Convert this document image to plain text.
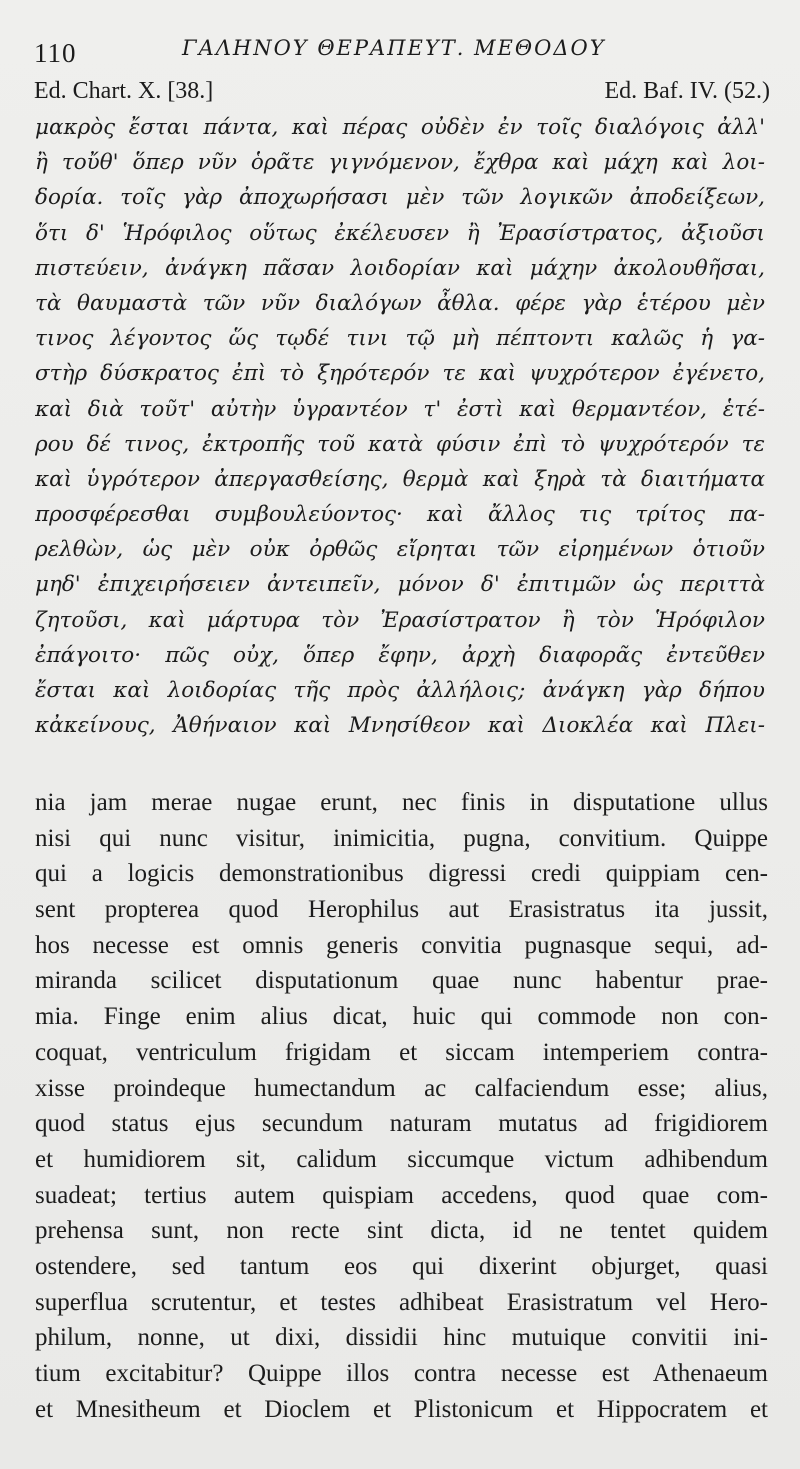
110	ΓΑΛΗΝΟΥ ΘΕΡΑΠΕΥΤ. ΜΕΘΟΔΟΥ
Ed. Chart. X. [38.]	Ed. Baf. IV. (52.)
μακρὸς ἔσται πάντα, καὶ πέρας οὐδὲν ἐν τοῖς διαλόγοις ἀλλ'
ἢ τοὔθ' ὅπερ νῦν ὁρᾶτε γιγνόμενον, ἔχθρα καὶ μάχη καὶ λοι-
δορία. τοῖς γὰρ ἀποχωρήσασι μὲν τῶν λογικῶν ἀποδείξεων,
ὅτι δ' Ἡρόφιλος οὕτως ἐκέλευσεν ἢ Ἐρασίστρατος, ἀξιοῦσι
πιστεύειν, ἀνάγκη πᾶσαν λοιδορίαν καὶ μάχην ἀκολουθῆσαι,
τὰ θαυμαστὰ τῶν νῦν διαλόγων ἆθλα. φέρε γὰρ ἑτέρου μὲν
τινος λέγοντος ὥς τῳδέ τινι τῷ μὴ πέπτοντι καλῶς ἡ γα-
στὴρ δύσκρατος ἐπὶ τὸ ξηρότερόν τε καὶ ψυχρότερον ἐγένετο,
καὶ διὰ τοῦτ' αὐτὴν ὑγραντέον τ' ἐστὶ καὶ θερμαντέον, ἑτέ-
ρου δέ τινος, ἐκτροπῆς τοῦ κατὰ φύσιν ἐπὶ τὸ ψυχρότερόν τε
καὶ ὑγρότερον ἀπεργασθείσης, θερμὰ καὶ ξηρὰ τὰ διαιτήματα
προσφέρεσθαι συμβουλεύοντος· καὶ ἄλλος τις τρίτος πα-
ρελθὼν, ὡς μὲν οὐκ ὀρθῶς εἴρηται τῶν εἰρημένων ὁτιοῦν
μηδ' ἐπιχειρήσειεν ἀντειπεῖν, μόνον δ' ἐπιτιμῶν ὡς περιττὰ
ζητοῦσι, καὶ μάρτυρα τὸν Ἐρασίστρατον ἢ τὸν Ἡρόφιλον
ἐπάγοιτο· πῶς οὐχ, ὅπερ ἔφην, ἀρχὴ διαφορᾶς ἐντεῦθεν
ἔσται καὶ λοιδορίας τῆς πρὸς ἀλλήλοις; ἀνάγκη γὰρ δήπου
κἀκείνους, Ἀθήναιον καὶ Μνησίθεον καὶ Διοκλέα καὶ Πλει-
nia jam merae nugae erunt, nec finis in disputatione ullus
nisi qui nunc visitur, inimicitia, pugna, convitium. Quippe
qui a logicis demonstrationibus digressi credi quippiam cen-
sent propterea quod Herophilus aut Erasistratus ita jussit,
hos necesse est omnis generis convitia pugnasque sequi, ad-
miranda scilicet disputationum quae nunc habentur prae-
mia. Finge enim alius dicat, huic qui commode non con-
coquat, ventriculum frigidam et siccam intemperiem contra-
xisse proindeque humectandum ac calfaciendum esse; alius,
quod status ejus secundum naturam mutatus ad frigidiorem
et humidiorem sit, calidum siccumque victum adhibendum
suadeat; tertius autem quispiam accedens, quod quae com-
prehensa sunt, non recte sint dicta, id ne tentet quidem
ostendere, sed tantum eos qui dixerint objurget, quasi
superflua scrutentur, et testes adhibeat Erasistratum vel Hero-
philum, nonne, ut dixi, dissidii hinc mutuique convitii ini-
tium excitabitur? Quippe illos contra necesse est Athenaeum
et Mnesitheum et Dioclem et Plistonicum et Hippocratem et
